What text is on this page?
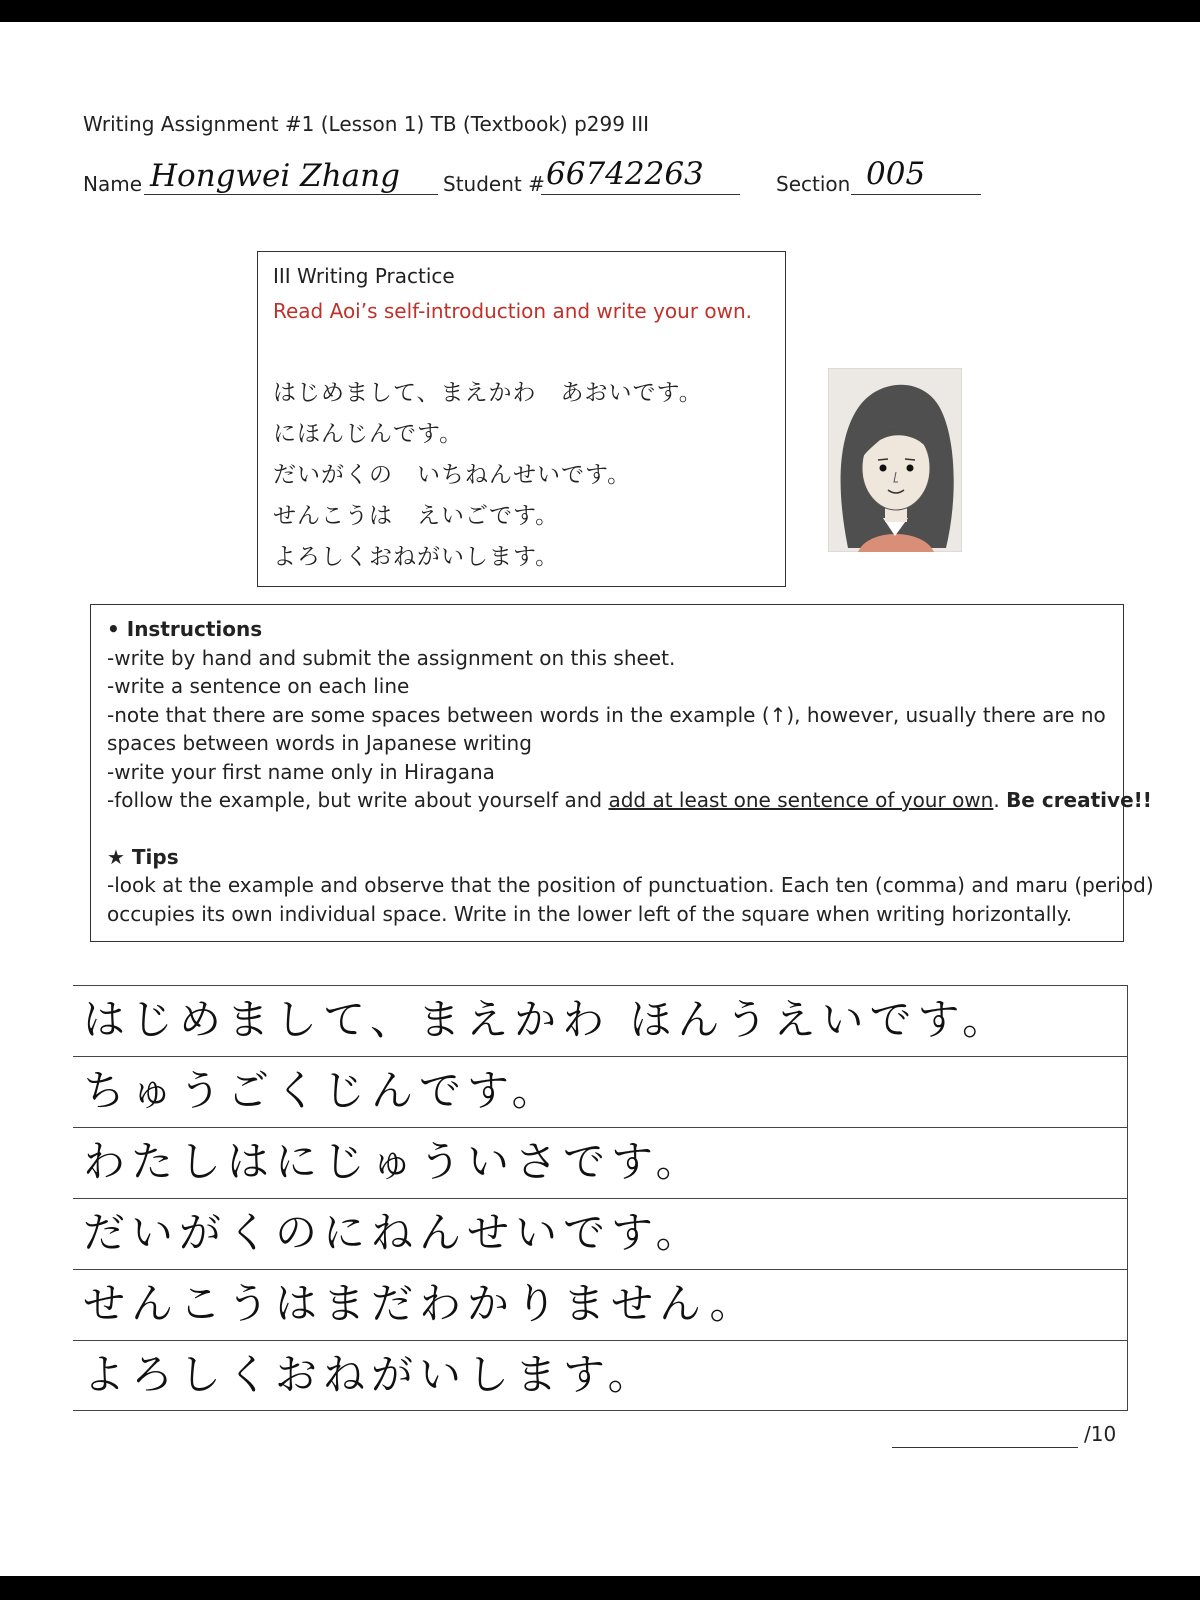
Writing Assignment #1 (Lesson 1) TB (Textbook) p299 III
Name Hongwei Zhang Student # 66742263	Section 005
III Writing Practice
Read Aoi’s self-introduction and write your own.
はじめまして、まえかわ　あおいです。
にほんじんです。
だいがくの　いちねんせいです。
せんこうは　えいごです。
よろしくおねがいします。
• Instructions
-write by hand and submit the assignment on this sheet.
-write a sentence on each line
-note that there are some spaces between words in the example (↑), however, usually there are no
spaces between words in Japanese writing
-write your first name only in Hiragana
-follow the example, but write about yourself and add at least one sentence of your own. Be creative!!
★ Tips
-look at the example and observe that the position of punctuation. Each ten (comma) and maru (period)
occupies its own individual space. Write in the lower left of the square when writing horizontally.
はじめまして、まえかわ ほんうえいです。
ちゅうごくじんです。
わたしはにじゅういさです。
だいがくのにねんせいです。
せんこうはまだわかりません。
よろしくおねがいします。
/10
